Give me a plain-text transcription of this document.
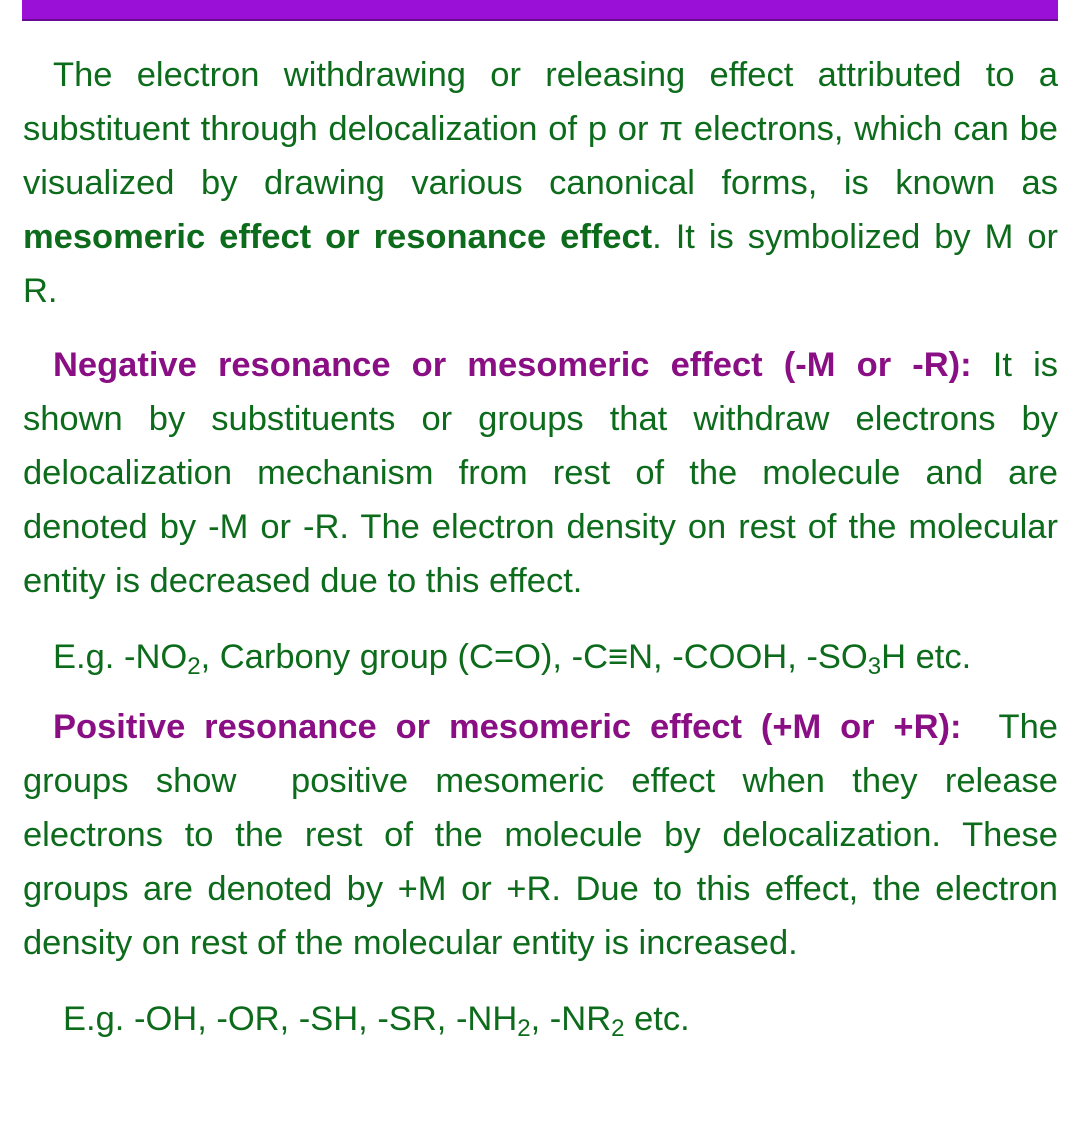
The electron withdrawing or releasing effect attributed to a substituent through delocalization of p or π electrons, which can be visualized by drawing various canonical forms, is known as mesomeric effect or resonance effect. It is symbolized by M or R.

Negative resonance or mesomeric effect (-M or -R): It is shown by substituents or groups that withdraw electrons by delocalization mechanism from rest of the molecule and are denoted by -M or -R. The electron density on rest of the molecular entity is decreased due to this effect.

E.g. $-NO_2$, Carbony group (C=O), -C≡N, -COOH, $-SO_3H$ etc.

Positive resonance or mesomeric effect (+M or +R):  The groups show  positive mesomeric effect when they release electrons to the rest of the molecule by delocalization. These groups are denoted by +M or +R. Due to this effect, the electron density on rest of the molecular entity is increased.

E.g. -OH, -OR, -SH, -SR, $-NH_2$, $-NR_2$ etc.
